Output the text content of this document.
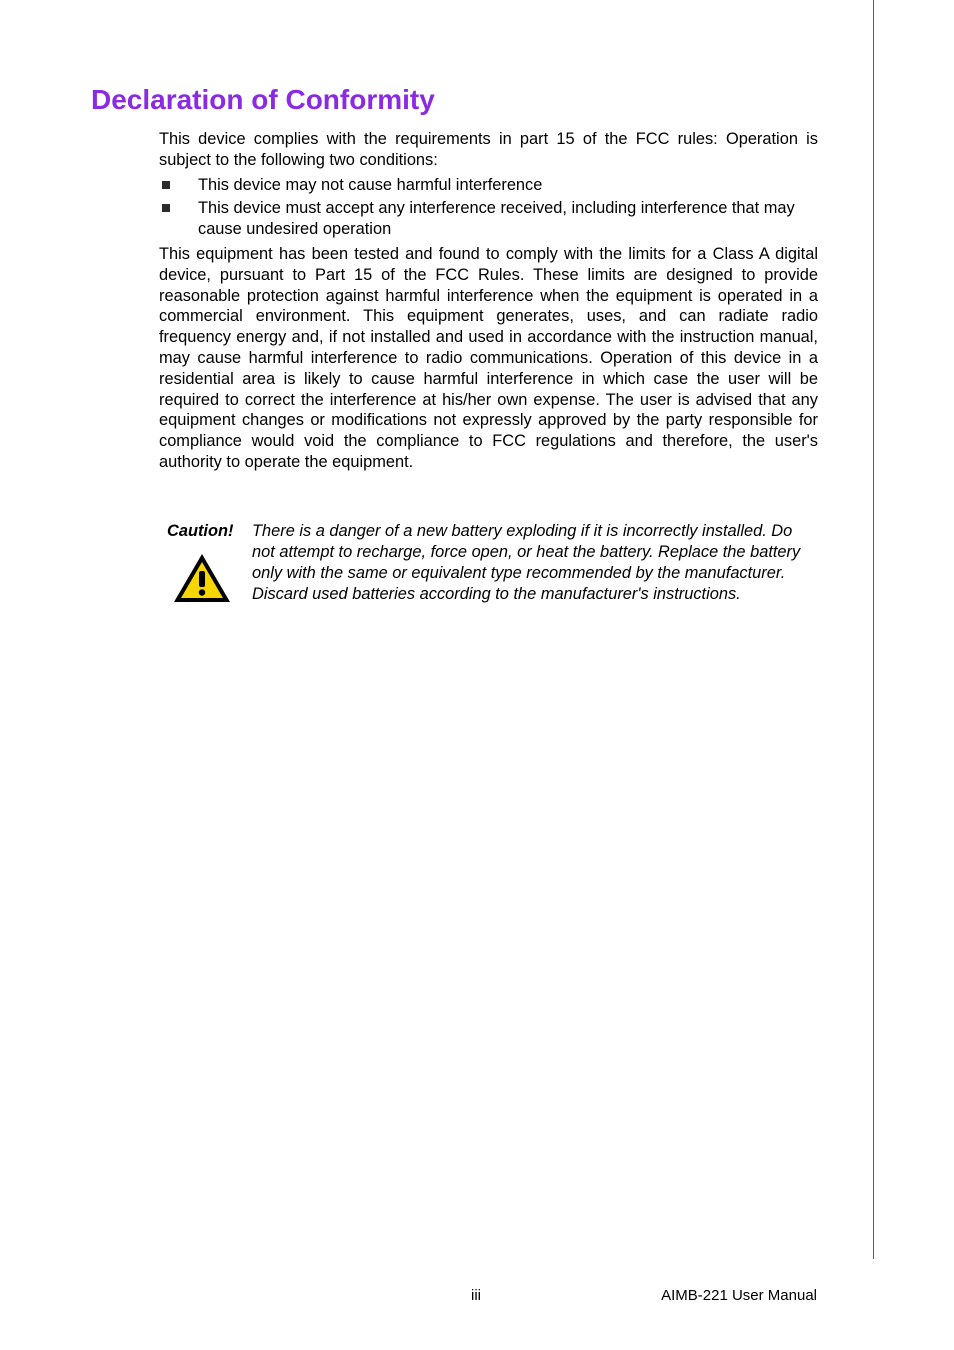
Declaration of Conformity

This device complies with the requirements in part 15 of the FCC rules: Operation is subject to the following two conditions:

This device may not cause harmful interference
This device must accept any interference received, including interference that may cause undesired operation

This equipment has been tested and found to comply with the limits for a Class A digital device, pursuant to Part 15 of the FCC Rules. These limits are designed to provide reasonable protection against harmful interference when the equipment is operated in a commercial environment. This equipment generates, uses, and can radiate radio frequency energy and, if not installed and used in accordance with the instruction manual, may cause harmful interference to radio communications. Operation of this device in a residential area is likely to cause harmful interference in which case the user will be required to correct the interference at his/her own expense. The user is advised that any equipment changes or modifications not expressly approved by the party responsible for compliance would void the compliance to FCC regulations and therefore, the user's authority to operate the equipment.

Caution! There is a danger of a new battery exploding if it is incorrectly installed. Do not attempt to recharge, force open, or heat the battery. Replace the battery only with the same or equivalent type recommended by the manufacturer. Discard used batteries according to the manufacturer's instructions.

iii	AIMB-221 User Manual
